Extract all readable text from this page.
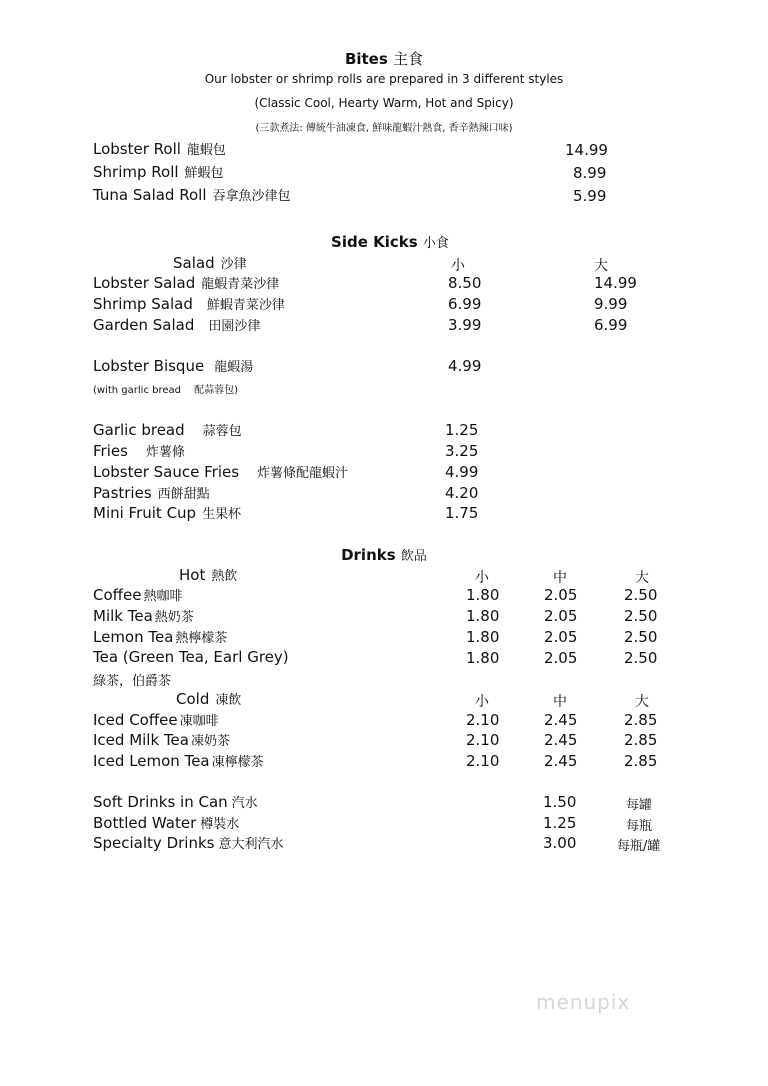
Bites 主食
Our lobster or shrimp rolls are prepared in 3 different styles
(Classic Cool, Hearty Warm, Hot and Spicy)
(三款煮法: 傳統牛油凍食, 鮮味龍蝦汁熱食, 香辛熱辣口味)
Lobster Roll 龍蝦包	14.99
Shrimp Roll 鮮蝦包	8.99
Tuna Salad Roll 吞拿魚沙律包	5.99
Side Kicks 小食
Salad 沙律	小	大
Lobster Salad 龍蝦青菜沙律	8.50	14.99
Shrimp Salad 鮮蝦青菜沙律	6.99	9.99
Garden Salad 田園沙律	3.99	6.99
Lobster Bisque 龍蝦湯	4.99
(with garlic bread 配蒜蓉包)
Garlic bread 蒜蓉包	1.25
Fries 炸薯條	3.25
Lobster Sauce Fries 炸薯條配龍蝦汁	4.99
Pastries 西餅甜點	4.20
Mini Fruit Cup 生果杯	1.75
Drinks 飲品
Hot 熱飲	小	中	大
Coffee 熱咖啡	1.80	2.05	2.50
Milk Tea 熱奶茶	1.80	2.05	2.50
Lemon Tea 熱檸檬茶	1.80	2.05	2.50
Tea (Green Tea, Earl Grey)	1.80	2.05	2.50
綠茶，伯爵茶
Cold 凍飲	小	中	大
Iced Coffee 凍咖啡	2.10	2.45	2.85
Iced Milk Tea 凍奶茶	2.10	2.45	2.85
Iced Lemon Tea 凍檸檬茶	2.10	2.45	2.85
Soft Drinks in Can 汽水	1.50	每罐
Bottled Water 樽裝水	1.25	每瓶
Specialty Drinks 意大利汽水	3.00	每瓶/罐
menupix
